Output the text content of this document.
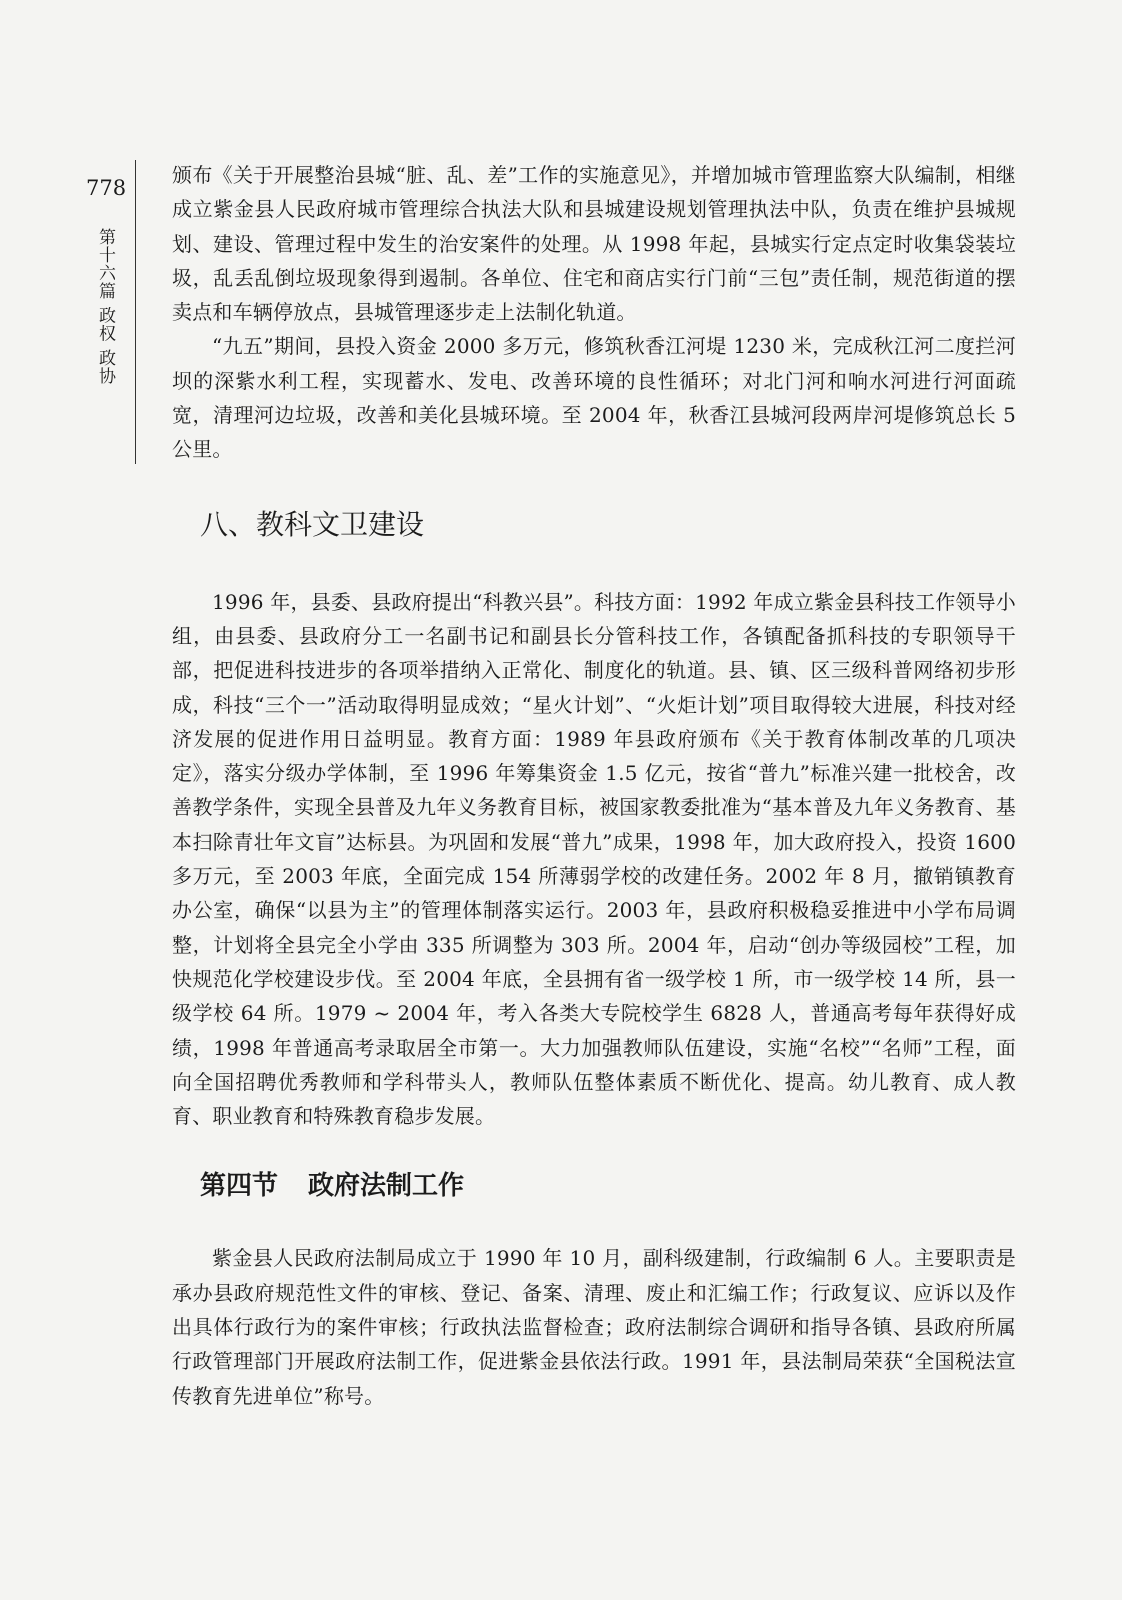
778
第十六篇 政权 政协

颁布《关于开展整治县城“脏、乱、差”工作的实施意见》，并增加城市管理监察大队编制，相继成立紫金县人民政府城市管理综合执法大队和县城建设规划管理执法中队，负责在维护县城规划、建设、管理过程中发生的治安案件的处理。从 1998 年起，县城实行定点定时收集袋装垃圾，乱丢乱倒垃圾现象得到遏制。各单位、住宅和商店实行门前“三包”责任制，规范街道的摆卖点和车辆停放点，县城管理逐步走上法制化轨道。

“九五”期间，县投入资金 2000 多万元，修筑秋香江河堤 1230 米，完成秋江河二度拦河坝的深紫水利工程，实现蓄水、发电、改善环境的良性循环；对北门河和响水河进行河面疏宽，清理河边垃圾，改善和美化县城环境。至 2004 年，秋香江县城河段两岸河堤修筑总长 5 公里。

八、教科文卫建设

1996 年，县委、县政府提出“科教兴县”。科技方面：1992 年成立紫金县科技工作领导小组，由县委、县政府分工一名副书记和副县长分管科技工作，各镇配备抓科技的专职领导干部，把促进科技进步的各项举措纳入正常化、制度化的轨道。县、镇、区三级科普网络初步形成，科技“三个一”活动取得明显成效；“星火计划”、“火炬计划”项目取得较大进展，科技对经济发展的促进作用日益明显。教育方面：1989 年县政府颁布《关于教育体制改革的几项决定》，落实分级办学体制，至 1996 年筹集资金 1.5 亿元，按省“普九”标准兴建一批校舍，改善教学条件，实现全县普及九年义务教育目标，被国家教委批准为“基本普及九年义务教育、基本扫除青壮年文盲”达标县。为巩固和发展“普九”成果，1998 年，加大政府投入，投资 1600 多万元，至 2003 年底，全面完成 154 所薄弱学校的改建任务。2002 年 8 月，撤销镇教育办公室，确保“以县为主”的管理体制落实运行。2003 年，县政府积极稳妥推进中小学布局调整，计划将全县完全小学由 335 所调整为 303 所。2004 年，启动“创办等级园校”工程，加快规范化学校建设步伐。至 2004 年底，全县拥有省一级学校 1 所，市一级学校 14 所，县一级学校 64 所。1979 ~ 2004 年，考入各类大专院校学生 6828 人，普通高考每年获得好成绩，1998 年普通高考录取居全市第一。大力加强教师队伍建设，实施“名校”“名师”工程，面向全国招聘优秀教师和学科带头人，教师队伍整体素质不断优化、提高。幼儿教育、成人教育、职业教育和特殊教育稳步发展。

第四节 政府法制工作

紫金县人民政府法制局成立于 1990 年 10 月，副科级建制，行政编制 6 人。主要职责是承办县政府规范性文件的审核、登记、备案、清理、废止和汇编工作；行政复议、应诉以及作出具体行政行为的案件审核；行政执法监督检查；政府法制综合调研和指导各镇、县政府所属行政管理部门开展政府法制工作，促进紫金县依法行政。1991 年，县法制局荣获“全国税法宣传教育先进单位”称号。
